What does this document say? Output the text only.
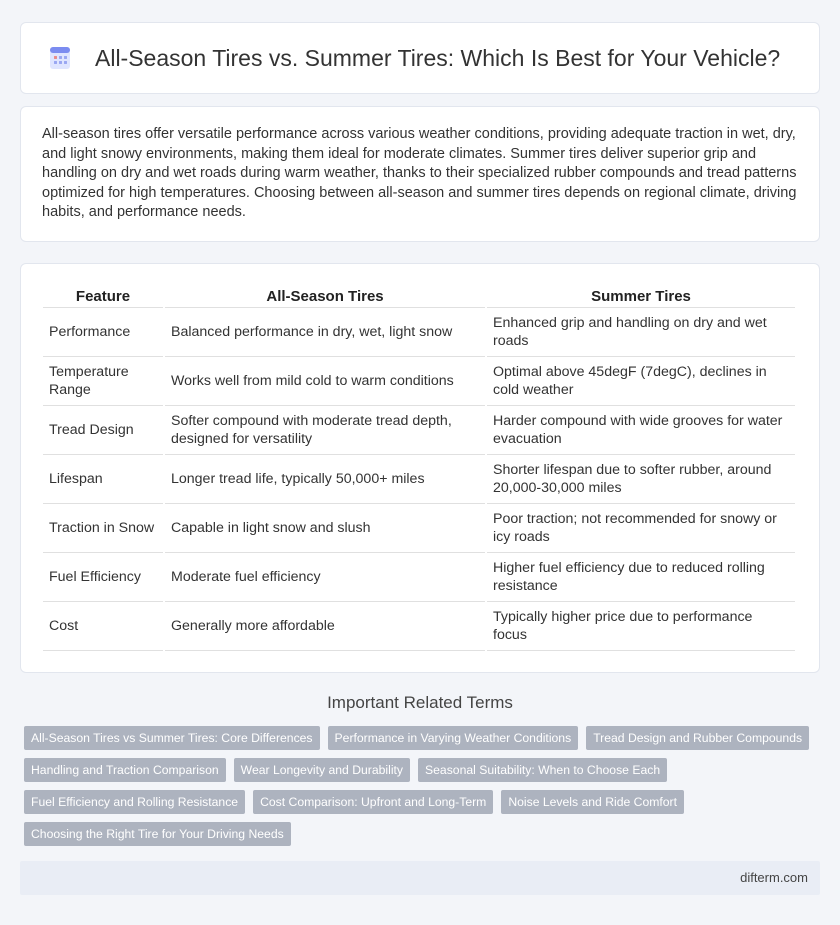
All-Season Tires vs. Summer Tires: Which Is Best for Your Vehicle?

All-season tires offer versatile performance across various weather conditions, providing adequate traction in wet, dry, and light snowy environments, making them ideal for moderate climates. Summer tires deliver superior grip and handling on dry and wet roads during warm weather, thanks to their specialized rubber compounds and tread patterns optimized for high temperatures. Choosing between all-season and summer tires depends on regional climate, driving habits, and performance needs.

Feature	All-Season Tires	Summer Tires
Performance	Balanced performance in dry, wet, light snow	Enhanced grip and handling on dry and wet roads
Temperature Range	Works well from mild cold to warm conditions	Optimal above 45degF (7degC), declines in cold weather
Tread Design	Softer compound with moderate tread depth, designed for versatility	Harder compound with wide grooves for water evacuation
Lifespan	Longer tread life, typically 50,000+ miles	Shorter lifespan due to softer rubber, around 20,000-30,000 miles
Traction in Snow	Capable in light snow and slush	Poor traction; not recommended for snowy or icy roads
Fuel Efficiency	Moderate fuel efficiency	Higher fuel efficiency due to reduced rolling resistance
Cost	Generally more affordable	Typically higher price due to performance focus
Important Related Terms
All-Season Tires vs Summer Tires: Core Differences	Performance in Varying Weather Conditions	Tread Design and Rubber Compounds
Handling and Traction Comparison	Wear Longevity and Durability	Seasonal Suitability: When to Choose Each
Fuel Efficiency and Rolling Resistance	Cost Comparison: Upfront and Long-Term	Noise Levels and Ride Comfort
Choosing the Right Tire for Your Driving Needs
difterm.com
